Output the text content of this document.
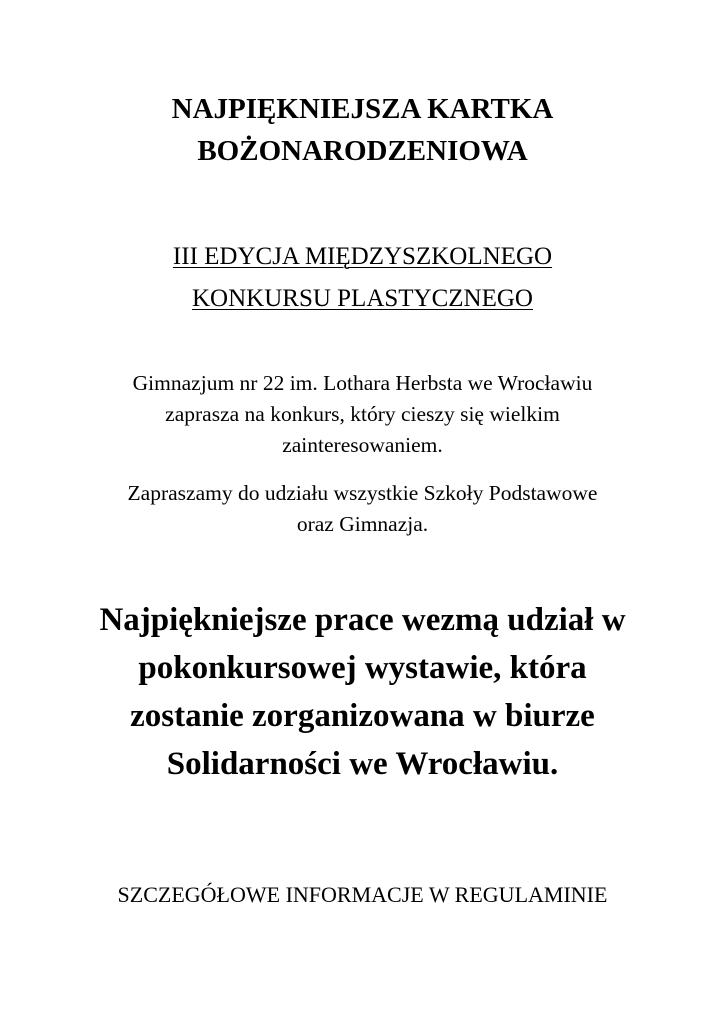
NAJPIĘKNIEJSZA KARTKA
BOŻONARODZENIOWA
III EDYCJA MIĘDZYSZKOLNEGO
KONKURSU PLASTYCZNEGO
Gimnazjum nr 22 im. Lothara Herbsta we Wrocławiu
zaprasza na konkurs, który cieszy się wielkim
zainteresowaniem.
Zapraszamy do udziału wszystkie Szkoły Podstawowe
oraz Gimnazja.
Najpiękniejsze prace wezmą udział w
pokonkursowej wystawie, która
zostanie zorganizowana w biurze
Solidarności we Wrocławiu.
SZCZEGÓŁOWE INFORMACJE W REGULAMINIE
